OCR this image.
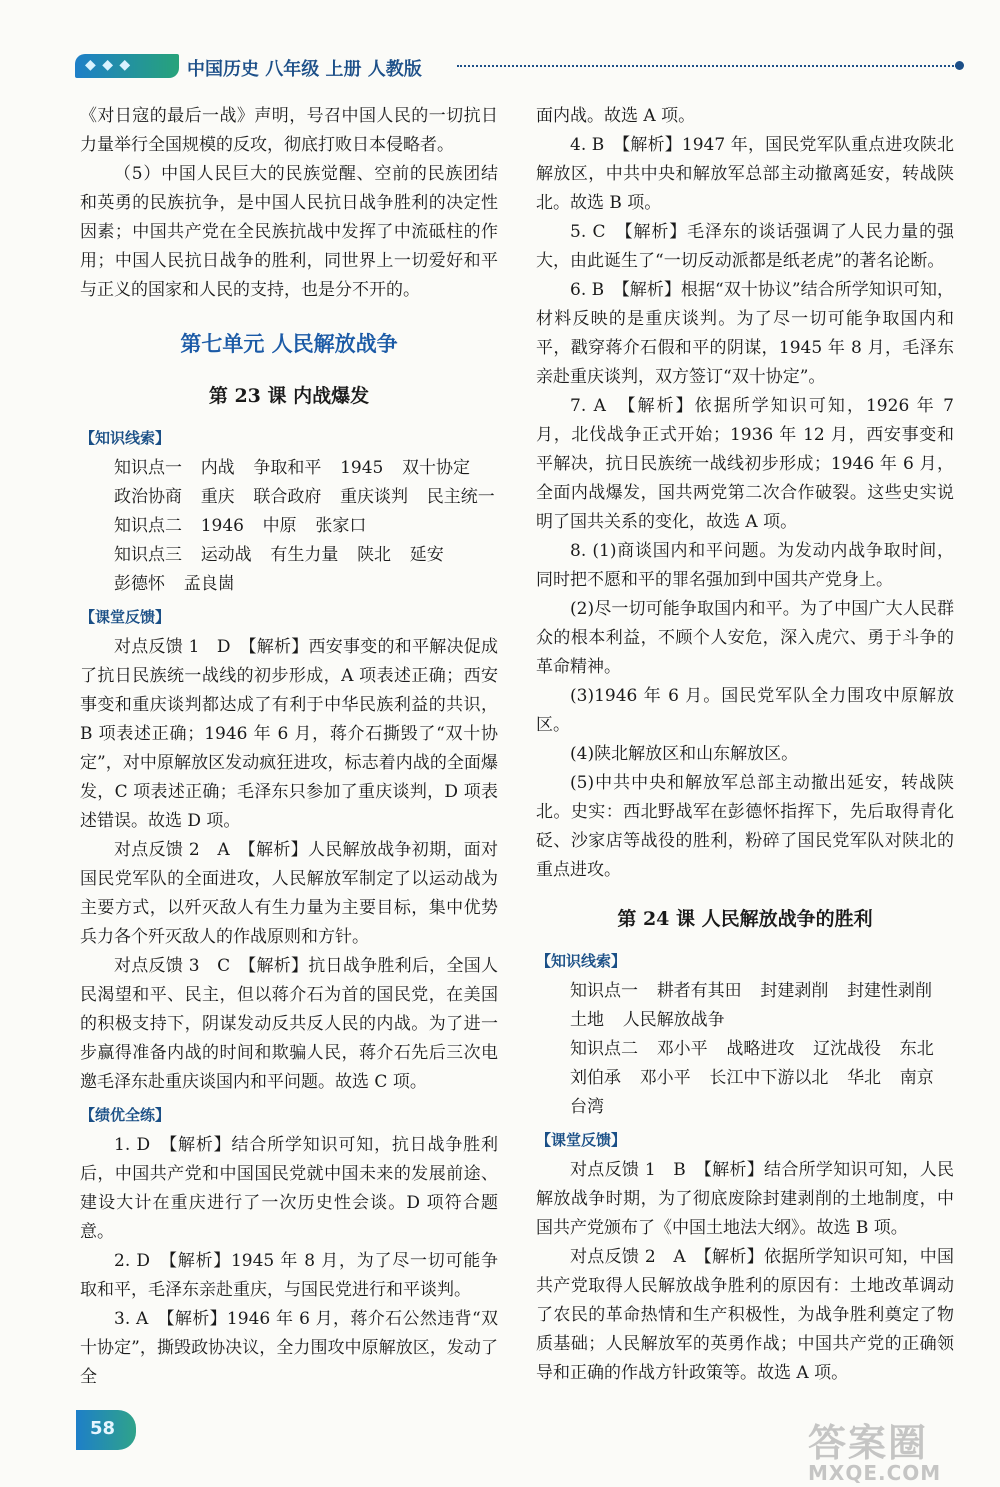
◆ ◆ ◆	中国历史 八年级 上册 人教版

《对日寇的最后一战》声明，号召中国人民的一切抗日力量举行全国规模的反攻，彻底打败日本侵略者。

（5）中国人民巨大的民族觉醒、空前的民族团结和英勇的民族抗争，是中国人民抗日战争胜利的决定性因素；中国共产党在全民族抗战中发挥了中流砥柱的作用；中国人民抗日战争的胜利，同世界上一切爱好和平与正义的国家和人民的支持，也是分不开的。

第七单元 人民解放战争
第 23 课 内战爆发
【知识线索】

知识点一 内战 争取和平 1945 双十协定

政治协商 重庆 联合政府 重庆谈判 民主统一

知识点二 1946 中原 张家口

知识点三 运动战 有生力量 陕北 延安

彭德怀 孟良崮

【课堂反馈】

对点反馈 1　D　【解析】西安事变的和平解决促成了抗日民族统一战线的初步形成，A 项表述正确；西安事变和重庆谈判都达成了有利于中华民族利益的共识，B 项表述正确；1946 年 6 月，蒋介石撕毁了“双十协定”，对中原解放区发动疯狂进攻，标志着内战的全面爆发，C 项表述正确；毛泽东只参加了重庆谈判，D 项表述错误。故选 D 项。

对点反馈 2　A　【解析】人民解放战争初期，面对国民党军队的全面进攻，人民解放军制定了以运动战为主要方式，以歼灭敌人有生力量为主要目标，集中优势兵力各个歼灭敌人的作战原则和方针。

对点反馈 3　C　【解析】抗日战争胜利后，全国人民渴望和平、民主，但以蒋介石为首的国民党，在美国的积极支持下，阴谋发动反共反人民的内战。为了进一步赢得准备内战的时间和欺骗人民，蒋介石先后三次电邀毛泽东赴重庆谈国内和平问题。故选 C 项。

【绩优全练】

1. D　【解析】结合所学知识可知，抗日战争胜利后，中国共产党和中国国民党就中国未来的发展前途、建设大计在重庆进行了一次历史性会谈。D 项符合题意。

2. D　【解析】1945 年 8 月，为了尽一切可能争取和平，毛泽东亲赴重庆，与国民党进行和平谈判。

3. A　【解析】1946 年 6 月，蒋介石公然违背“双十协定”，撕毁政协决议，全力围攻中原解放区，发动了全

面内战。故选 A 项。

4. B　【解析】1947 年，国民党军队重点进攻陕北解放区，中共中央和解放军总部主动撤离延安，转战陕北。故选 B 项。

5. C　【解析】毛泽东的谈话强调了人民力量的强大，由此诞生了“一切反动派都是纸老虎”的著名论断。

6. B　【解析】根据“双十协议”结合所学知识可知，材料反映的是重庆谈判。为了尽一切可能争取国内和平，戳穿蒋介石假和平的阴谋，1945 年 8 月，毛泽东亲赴重庆谈判，双方签订“双十协定”。

7. A　【解析】依据所学知识可知，1926 年 7 月，北伐战争正式开始；1936 年 12 月，西安事变和平解决，抗日民族统一战线初步形成；1946 年 6 月，全面内战爆发，国共两党第二次合作破裂。这些史实说明了国共关系的变化，故选 A 项。

8. (1)商谈国内和平问题。为发动内战争取时间，同时把不愿和平的罪名强加到中国共产党身上。

(2)尽一切可能争取国内和平。为了中国广大人民群众的根本利益，不顾个人安危，深入虎穴、勇于斗争的革命精神。

(3)1946 年 6 月。国民党军队全力围攻中原解放区。

(4)陕北解放区和山东解放区。

(5)中共中央和解放军总部主动撤出延安，转战陕北。史实：西北野战军在彭德怀指挥下，先后取得青化砭、沙家店等战役的胜利，粉碎了国民党军队对陕北的重点进攻。

第 24 课 人民解放战争的胜利
【知识线索】

知识点一 耕者有其田 封建剥削 封建性剥削

土地 人民解放战争

知识点二 邓小平 战略进攻 辽沈战役 东北

刘伯承 邓小平 长江中下游以北 华北 南京

台湾

【课堂反馈】

对点反馈 1　B　【解析】结合所学知识可知，人民解放战争时期，为了彻底废除封建剥削的土地制度，中国共产党颁布了《中国土地法大纲》。故选 B 项。

对点反馈 2　A　【解析】依据所学知识可知，中国共产党取得人民解放战争胜利的原因有：土地改革调动了农民的革命热情和生产积极性，为战争胜利奠定了物质基础；人民解放军的英勇作战；中国共产党的正确领导和正确的作战方针政策等。故选 A 项。

58	答案圈
MXQE.COM
